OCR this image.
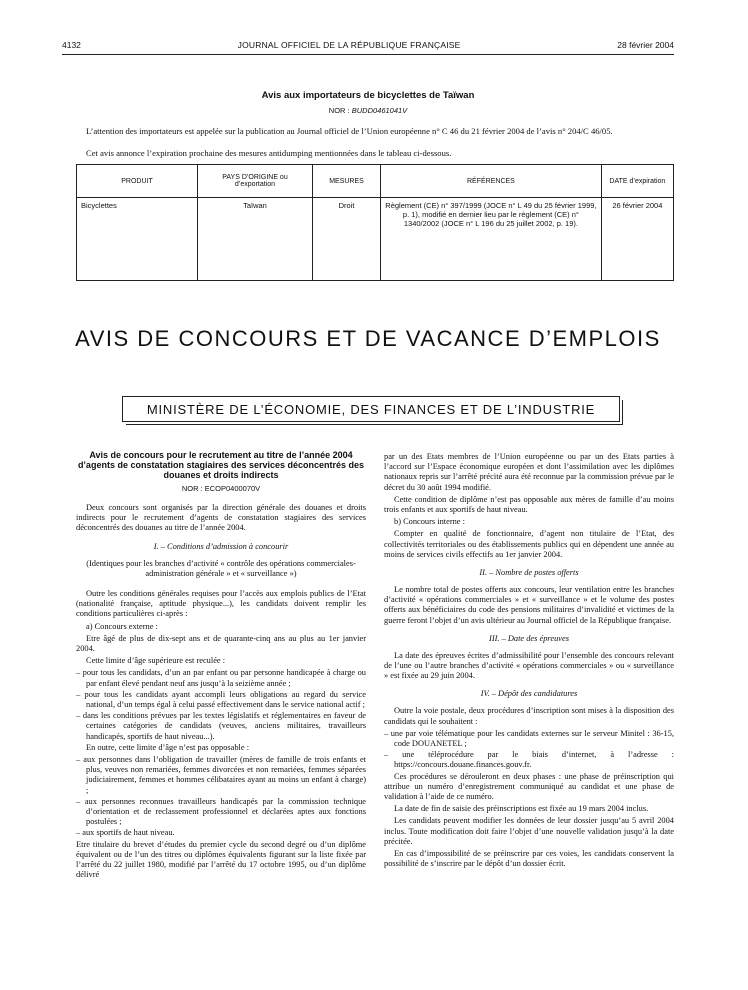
4132	JOURNAL OFFICIEL DE LA RÉPUBLIQUE FRANÇAISE	28 février 2004
Avis aux importateurs de bicyclettes de Taïwan
NOR : BUDD0461041V
L’attention des importateurs est appelée sur la publication au Journal officiel de l’Union européenne n° C 46 du 21 février 2004 de l’avis n° 204/C 46/05.
Cet avis annonce l’expiration prochaine des mesures antidumping mentionnées dans le tableau ci-dessous.
PRODUIT	PAYS D’ORIGINE ou d’exportation	MESURES	RÉFÉRENCES	DATE d’expiration
Bicyclettes	Taïwan	Droit	Règlement (CE) n° 397/1999 (JOCE n° L 49 du 25 février 1999, p. 1), modifié en dernier lieu par le règlement (CE) n° 1340/2002 (JOCE n° L 196 du 25 juillet 2002, p. 19).	26 février 2004
AVIS DE CONCOURS ET DE VACANCE D’EMPLOIS
MINISTÈRE DE L’ÉCONOMIE, DES FINANCES ET DE L’INDUSTRIE
Avis de concours pour le recrutement au titre de l’année 2004 d’agents de constatation stagiaires des services déconcentrés des douanes et droits indirects
NOR : ECOP0400070V

Deux concours sont organisés par la direction générale des douanes et droits indirects pour le recrutement d’agents de constatation stagiaires des services déconcentrés des douanes au titre de l’année 2004.

I. – Conditions d’admission à concourir

(Identiques pour les branches d’activité « contrôle des opérations commerciales-administration générale » et « surveillance »)

Outre les conditions générales requises pour l’accès aux emplois publics de l’Etat (nationalité française, aptitude physique...), les candidats doivent remplir les conditions particulières ci-après :

a) Concours externe :

Etre âgé de plus de dix-sept ans et de quarante-cinq ans au plus au 1er janvier 2004.

Cette limite d’âge supérieure est reculée :

– pour tous les candidats, d’un an par enfant ou par personne handicapée à charge ou par enfant élevé pendant neuf ans jusqu’à la seizième année ;

– pour tous les candidats ayant accompli leurs obligations au regard du service national, d’un temps égal à celui passé effectivement dans le service national actif ;

– dans les conditions prévues par les textes législatifs et réglementaires en faveur de certaines catégories de candidats (veuves, anciens militaires, travailleurs handicapés, sportifs de haut niveau...).

En outre, cette limite d’âge n’est pas opposable :

– aux personnes dans l’obligation de travailler (mères de famille de trois enfants et plus, veuves non remariées, femmes divorcées et non remariées, femmes séparées judiciairement, femmes et hommes célibataires ayant au moins un enfant à charge) ;

– aux personnes reconnues travailleurs handicapés par la commission technique d’orientation et de reclassement professionnel et déclarées aptes aux fonctions postulées ;

– aux sportifs de haut niveau.

Etre titulaire du brevet d’études du premier cycle du second degré ou d’un diplôme équivalent ou de l’un des titres ou diplômes équivalents figurant sur la liste fixée par l’arrêté du 22 juillet 1980, modifié par l’arrêté du 17 octobre 1995, ou d’un diplôme délivré

par un des Etats membres de l’Union européenne ou par un des Etats parties à l’accord sur l’Espace économique européen et dont l’assimilation avec les diplômes nationaux repris sur l’arrêté précité aura été reconnue par la commission prévue par le décret du 30 août 1994 modifié.

Cette condition de diplôme n’est pas opposable aux mères de famille d’au moins trois enfants et aux sportifs de haut niveau.

b) Concours interne :

Compter en qualité de fonctionnaire, d’agent non titulaire de l’Etat, des collectivités territoriales ou des établissements publics qui en dépendent une année au moins de services civils effectifs au 1er janvier 2004.

II. – Nombre de postes offerts

Le nombre total de postes offerts aux concours, leur ventilation entre les branches d’activité « opérations commerciales » et « surveillance » et le volume des postes offerts aux bénéficiaires du code des pensions militaires d’invalidité et victimes de la guerre feront l’objet d’un avis ultérieur au Journal officiel de la République française.

III. – Date des épreuves

La date des épreuves écrites d’admissibilité pour l’ensemble des concours relevant de l’une ou l’autre branches d’activité « opérations commerciales » ou « surveillance » est fixée au 29 juin 2004.

IV. – Dépôt des candidatures

Outre la voie postale, deux procédures d’inscription sont mises à la disposition des candidats qui le souhaitent :

– une par voie télématique pour les candidats externes sur le serveur Minitel : 36-15, code DOUANETEL ;

– une téléprocédure par le biais d’internet, à l’adresse : https://concours.douane.finances.gouv.fr.

Ces procédures se dérouleront en deux phases : une phase de préinscription qui attribue un numéro d’enregistrement communiqué au candidat et une phase de validation à l’aide de ce numéro.

La date de fin de saisie des préinscriptions est fixée au 19 mars 2004 inclus.

Les candidats peuvent modifier les données de leur dossier jusqu’au 5 avril 2004 inclus. Toute modification doit faire l’objet d’une nouvelle validation jusqu’à la date précitée.

En cas d’impossibilité de se préinscrire par ces voies, les candidats conservent la possibilité de s’inscrire par le dépôt d’un dossier écrit.
